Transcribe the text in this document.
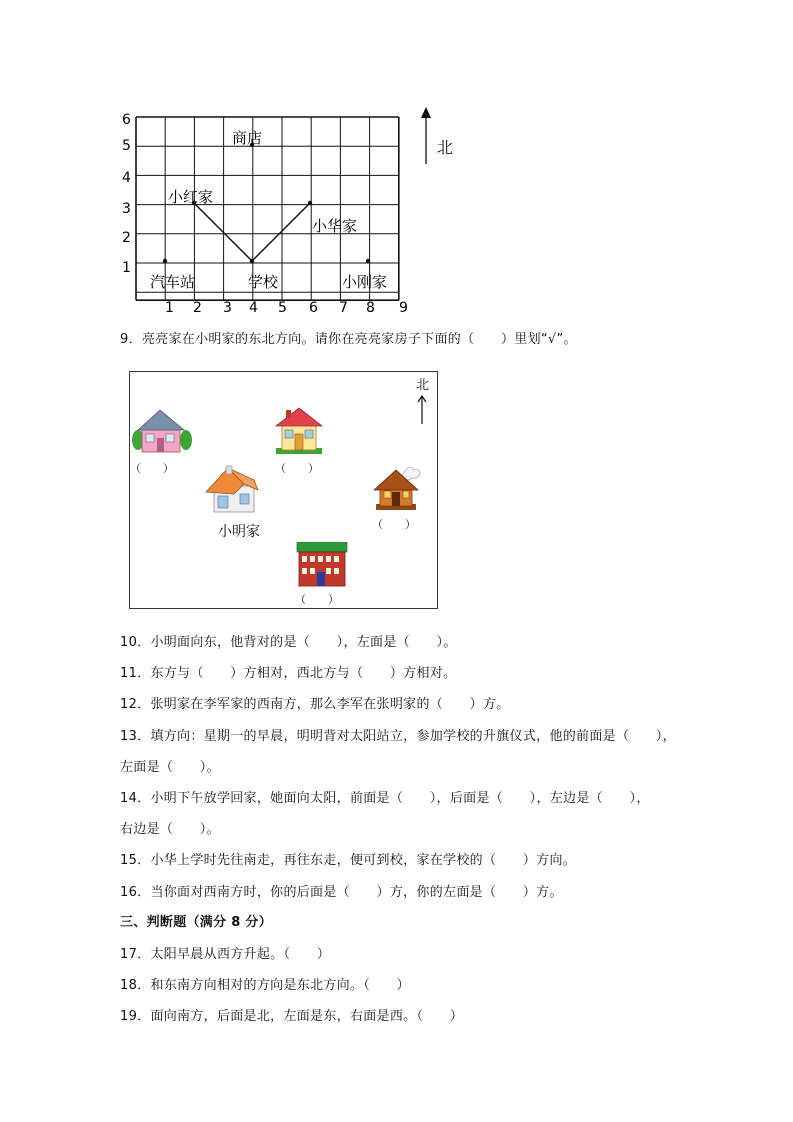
1
2
3
4
5
6
1 2 3 4 5 6 7 8 9
商店
小红家
小华家
汽车站	学校	小刚家
北
9．亮亮家在小明家的东北方向。请你在亮亮家房子下面的（　　）里划“√”。
北
（　　）	（　　）
小明家	（　　）
（　　）
10．小明面向东，他背对的是（　　），左面是（　　）。
11．东方与（　　）方相对，西北方与（　　）方相对。
12．张明家在李军家的西南方，那么李军在张明家的（　　）方。
13．填方向：星期一的早晨，明明背对太阳站立，参加学校的升旗仪式，他的前面是（　　），
左面是（　　）。
14．小明下午放学回家，她面向太阳，前面是（　　），后面是（　　），左边是（　　），
右边是（　　）。
15．小华上学时先往南走，再往东走，便可到校，家在学校的（　　）方向。
16．当你面对西南方时，你的后面是（　　）方，你的左面是（　　）方。
三、判断题（满分 8 分）
17．太阳早晨从西方升起。（　　）
18．和东南方向相对的方向是东北方向。（　　）
19．面向南方，后面是北，左面是东，右面是西。（　　）
